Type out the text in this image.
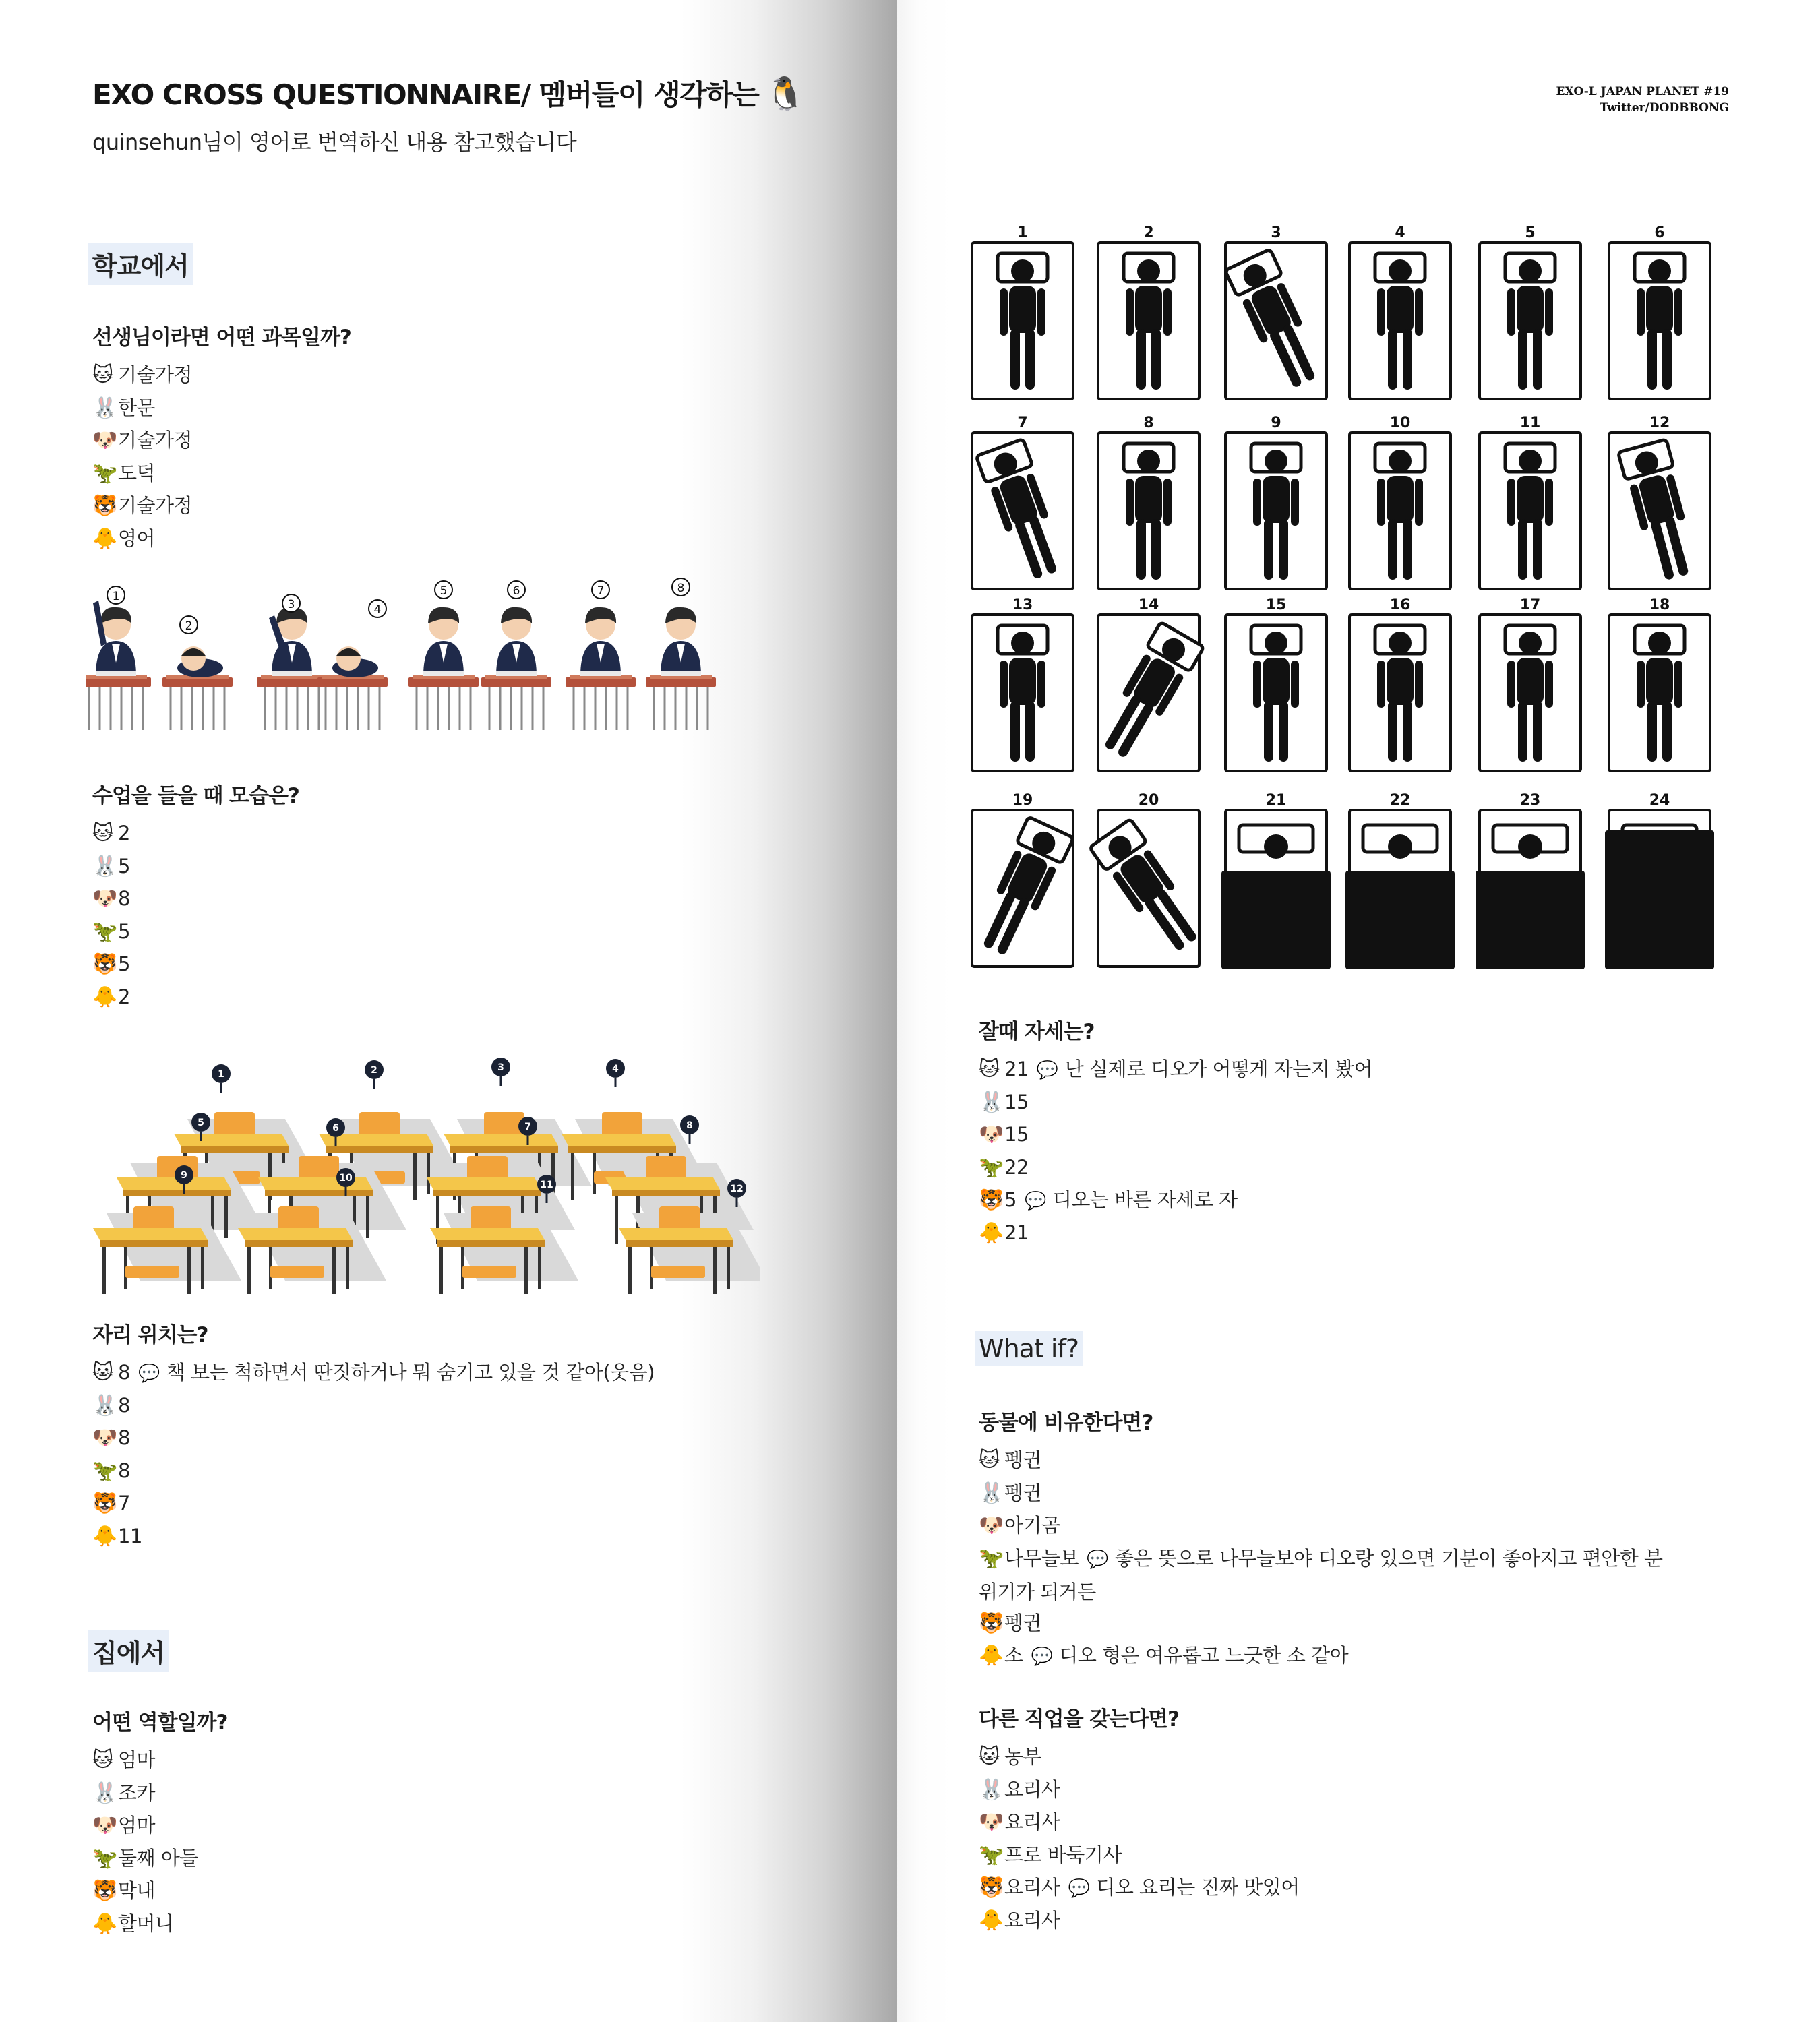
EXO CROSS QUESTIONNAIRE/ 멤버들이 생각하는 🐧
quinsehun님이 영어로 번역하신 내용 참고했습니다
학교에서
선생님이라면 어떤 과목일까?
🐱 기술가정
🐰한문
🐶기술가정
🦖도덕
🐯기술가정
🐥영어
1
2
3	4
5	6	7	8
수업을 들을 때 모습은?
🐱 2
🐰5
🐶8
🦖5
🐯5
🐥2
1	2	3	4
5	6	7	8
9	10
11	12
자리 위치는?
🐱 8 💬 책 보는 척하면서 딴짓하거나 뭐 숨기고 있을 것 같아(웃음)
🐰8
🐶8
🦖8
🐯7
🐥11
집에서
어떤 역할일까?
🐱 엄마
🐰조카
🐶엄마
🦖둘째 아들
🐯막내
🐥할머니
EXO-L JAPAN PLANET #19
Twitter/DODBBONG
1	2	3	4	5	6
7	8	9	10	11	12
13	14	15	16	17	18
19	20	21	22	23	24
잘때 자세는?
🐱 21 💬 난 실제로 디오가 어떻게 자는지 봤어
🐰15
🐶15
🦖22
🐯5 💬 디오는 바른 자세로 자
🐥21
What if?
동물에 비유한다면?
🐱 펭귄
🐰펭귄
🐶아기곰
🦖나무늘보 💬 좋은 뜻으로 나무늘보야 디오랑 있으면 기분이 좋아지고 편안한 분위기가 되거든
🐯펭귄
🐥소 💬 디오 형은 여유롭고 느긋한 소 같아
다른 직업을 갖는다면?
🐱 농부
🐰요리사
🐶요리사
🦖프로 바둑기사
🐯요리사 💬 디오 요리는 진짜 맛있어
🐥요리사
